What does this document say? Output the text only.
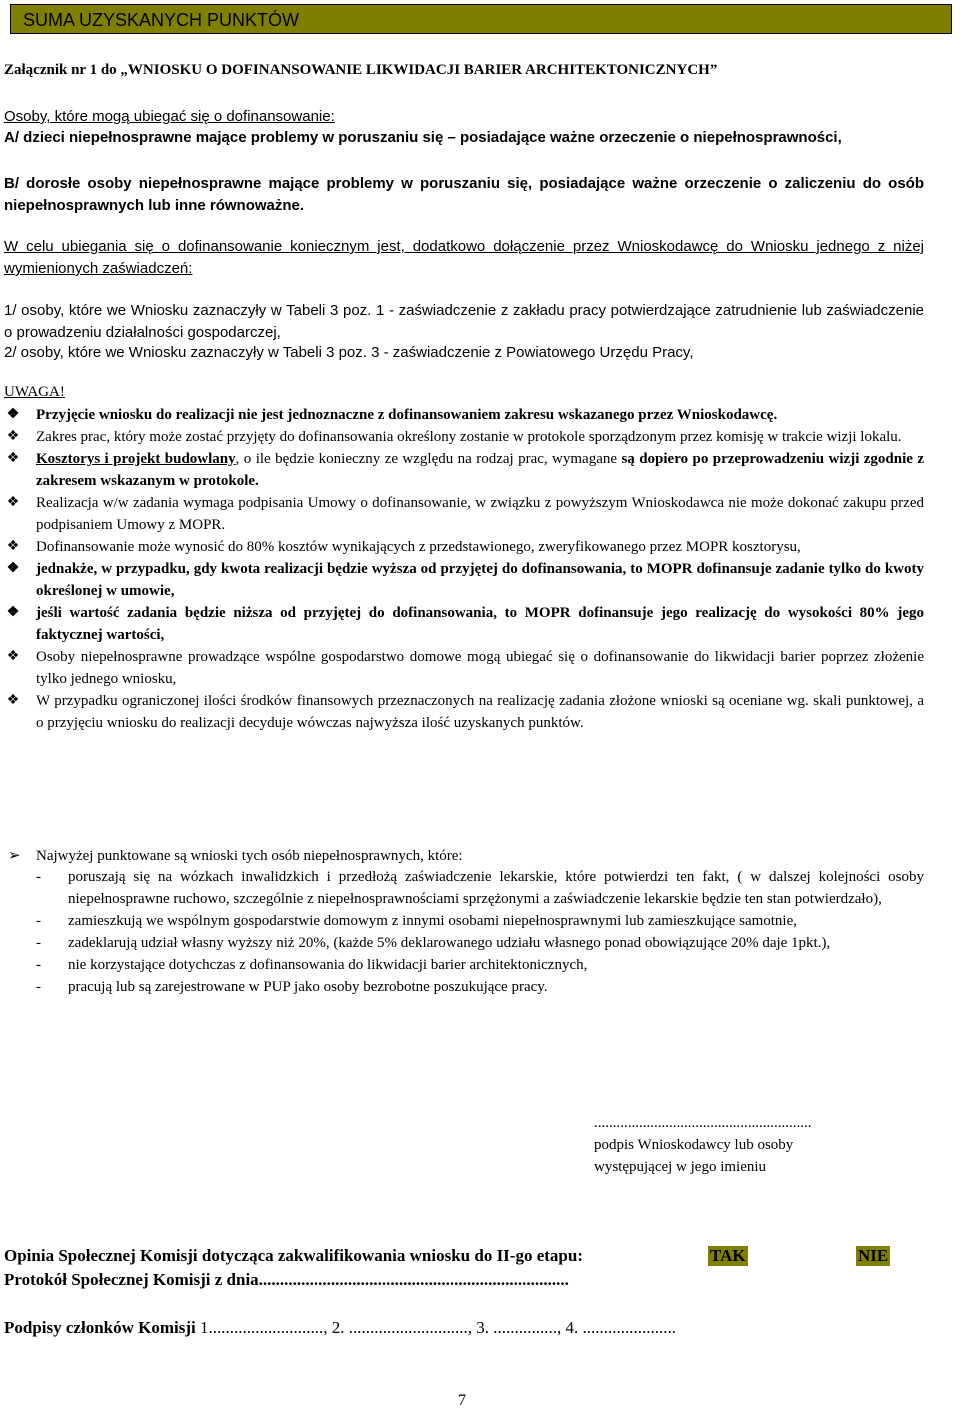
SUMA UZYSKANYCH PUNKTÓW
Załącznik nr 1 do „WNIOSKU O DOFINANSOWANIE LIKWIDACJI BARIER ARCHITEKTONICZNYCH”
Osoby, które mogą ubiegać się o dofinansowanie:
A/ dzieci niepełnosprawne mające problemy w poruszaniu się – posiadające ważne orzeczenie o niepełnosprawności,
B/ dorosłe osoby niepełnosprawne mające problemy w poruszaniu się, posiadające ważne orzeczenie o zaliczeniu do osób niepełnosprawnych lub inne równoważne.
W celu ubiegania się o dofinansowanie koniecznym jest, dodatkowo dołączenie przez Wnioskodawcę do Wniosku jednego z niżej wymienionych zaświadczeń:
1/ osoby, które we Wniosku zaznaczyły w Tabeli 3 poz. 1 - zaświadczenie z zakładu pracy potwierdzające zatrudnienie lub zaświadczenie o prowadzeniu działalności gospodarczej,
2/ osoby, które we Wniosku zaznaczyły w Tabeli 3 poz. 3 - zaświadczenie z Powiatowego Urzędu Pracy,
UWAGA!
❖ Przyjęcie wniosku do realizacji nie jest jednoznaczne z dofinansowaniem zakresu wskazanego przez Wnioskodawcę.
❖ Zakres prac, który może zostać przyjęty do dofinansowania określony zostanie w protokole sporządzonym przez komisję w trakcie wizji lokalu.
❖ Kosztorys i projekt budowlany, o ile będzie konieczny ze względu na rodzaj prac, wymagane są dopiero po przeprowadzeniu wizji zgodnie z zakresem wskazanym w protokole.
❖ Realizacja w/w zadania wymaga podpisania Umowy o dofinansowanie, w związku z powyższym Wnioskodawca nie może dokonać zakupu przed podpisaniem Umowy z MOPR.
❖ Dofinansowanie może wynosić do 80% kosztów wynikających z przedstawionego, zweryfikowanego przez MOPR kosztorysu,
❖ jednakże, w przypadku, gdy kwota realizacji będzie wyższa od przyjętej do dofinansowania, to MOPR dofinansuje zadanie tylko do kwoty określonej w umowie,
❖ jeśli wartość zadania będzie niższa od przyjętej do dofinansowania, to MOPR dofinansuje jego realizację do wysokości 80% jego faktycznej wartości,
❖ Osoby niepełnosprawne prowadzące wspólne gospodarstwo domowe mogą ubiegać się o dofinansowanie do likwidacji barier poprzez złożenie tylko jednego wniosku,
❖ W przypadku ograniczonej ilości środków finansowych przeznaczonych na realizację zadania złożone wnioski są oceniane wg. skali punktowej, a o przyjęciu wniosku do realizacji decyduje wówczas najwyższa ilość uzyskanych punktów.
➢ Najwyżej punktowane są wnioski tych osób niepełnosprawnych, które:
- poruszają się na wózkach inwalidzkich i przedłożą zaświadczenie lekarskie, które potwierdzi ten fakt, ( w dalszej kolejności osoby niepełnosprawne ruchowo, szczególnie z niepełnosprawnościami sprzężonymi a zaświadczenie lekarskie będzie ten stan potwierdzało),
- zamieszkują we wspólnym gospodarstwie domowym z innymi osobami niepełnosprawnymi lub zamieszkujące samotnie,
- zadeklarują udział własny wyższy niż 20%, (każde 5% deklarowanego udziału własnego ponad obowiązujące 20% daje 1pkt.),
- nie korzystające dotychczas z dofinansowania do likwidacji barier architektonicznych,
- pracują lub są zarejestrowane w PUP jako osoby bezrobotne poszukujące pracy.
..........................................................
podpis Wnioskodawcy lub osoby
występującej w jego imieniu
Opinia Społecznej Komisji dotycząca zakwalifikowania wniosku do II-go etapu:	TAK	NIE
Protokół Społecznej Komisji z dnia.........................................................................
Podpisy członków Komisji 1..........................., 2. ............................, 3. ..............., 4. ......................
7
